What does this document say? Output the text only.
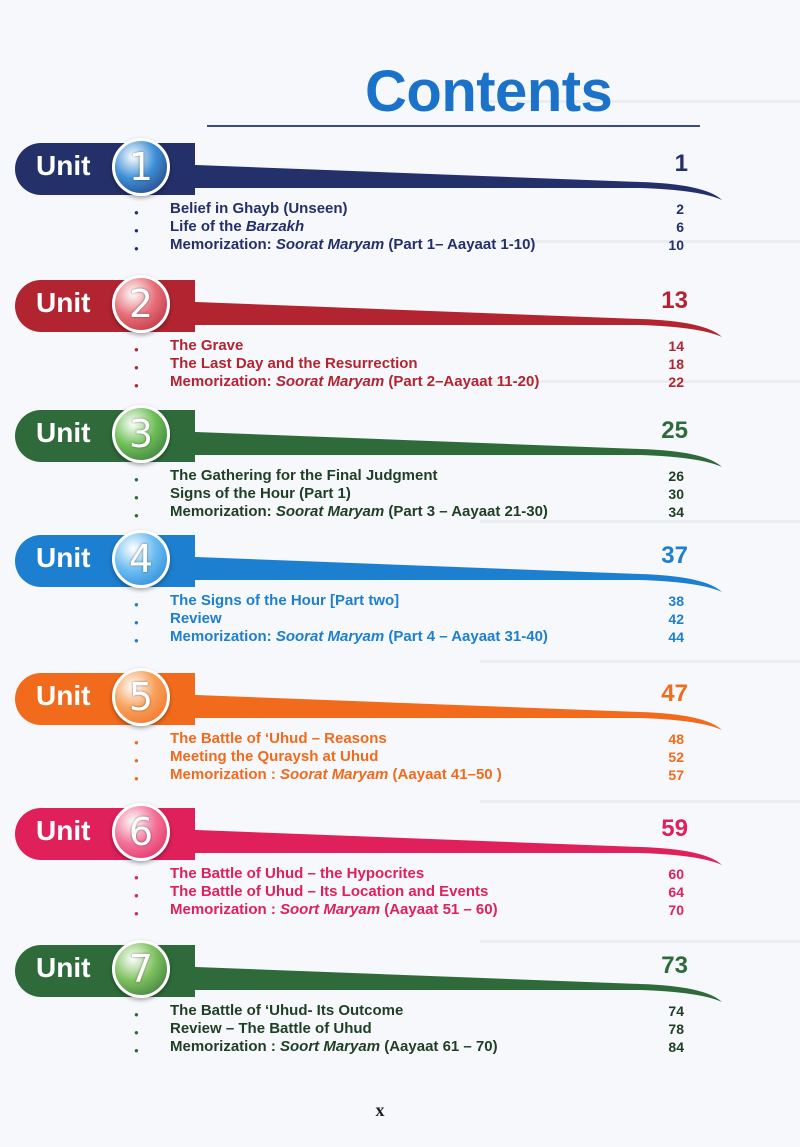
Contents
Unit	1	1
● Belief in Ghayb (Unseen)	2
● Life of the Barzakh	6
● Memorization: Soorat Maryam (Part 1– Aayaat 1-10)	10
Unit	2	13
● The Grave	14
● The Last Day and the Resurrection	18
● Memorization: Soorat Maryam (Part 2–Aayaat 11-20)	22
Unit	3	25
● The Gathering for the Final Judgment	26
● Signs of the Hour (Part 1)	30
● Memorization: Soorat Maryam (Part 3 – Aayaat 21-30)	34
Unit	4	37
● The Signs of the Hour [Part two]	38
● Review	42
● Memorization: Soorat Maryam (Part 4 – Aayaat 31-40)	44
Unit	5	47
● The Battle of ‘Uhud – Reasons	48
● Meeting the Quraysh at Uhud	52
● Memorization : Soorat Maryam (Aayaat 41–50 )	57
Unit	6	59
● The Battle of Uhud – the Hypocrites	60
● The Battle of Uhud – Its Location and Events	64
● Memorization : Soort Maryam (Aayaat 51 – 60)	70
Unit	7	73
● The Battle of ‘Uhud- Its Outcome	74
● Review – The Battle of Uhud	78
● Memorization : Soort Maryam (Aayaat 61 – 70)	84
x
